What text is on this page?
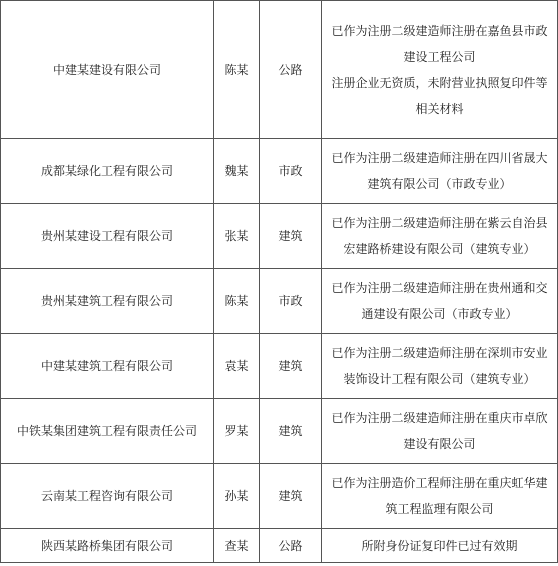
中建某建设有限公司	陈某	公路	已作为注册二级建造师注册在嘉鱼县市政建设工程公司

注册企业无资质，未附营业执照复印件等相关材料

成都某绿化工程有限公司	魏某	市政	已作为注册二级建造师注册在四川省晟大建筑有限公司（市政专业）

贵州某建设工程有限公司	张某	建筑	已作为注册二级建造师注册在紫云自治县宏建路桥建设有限公司（建筑专业）

贵州某建筑工程有限公司	陈某	市政	已作为注册二级建造师注册在贵州通和交通建设有限公司（市政专业）

中建某建筑工程有限公司	袁某	建筑	已作为注册二级建造师注册在深圳市安业装饰设计工程有限公司（建筑专业）

中铁某集团建筑工程有限责任公司	罗某	建筑	已作为注册二级建造师注册在重庆市卓欣建设有限公司

云南某工程咨询有限公司	孙某	建筑	已作为注册造价工程师注册在重庆虹华建筑工程监理有限公司

陕西某路桥集团有限公司	查某	公路	所附身份证复印件已过有效期
